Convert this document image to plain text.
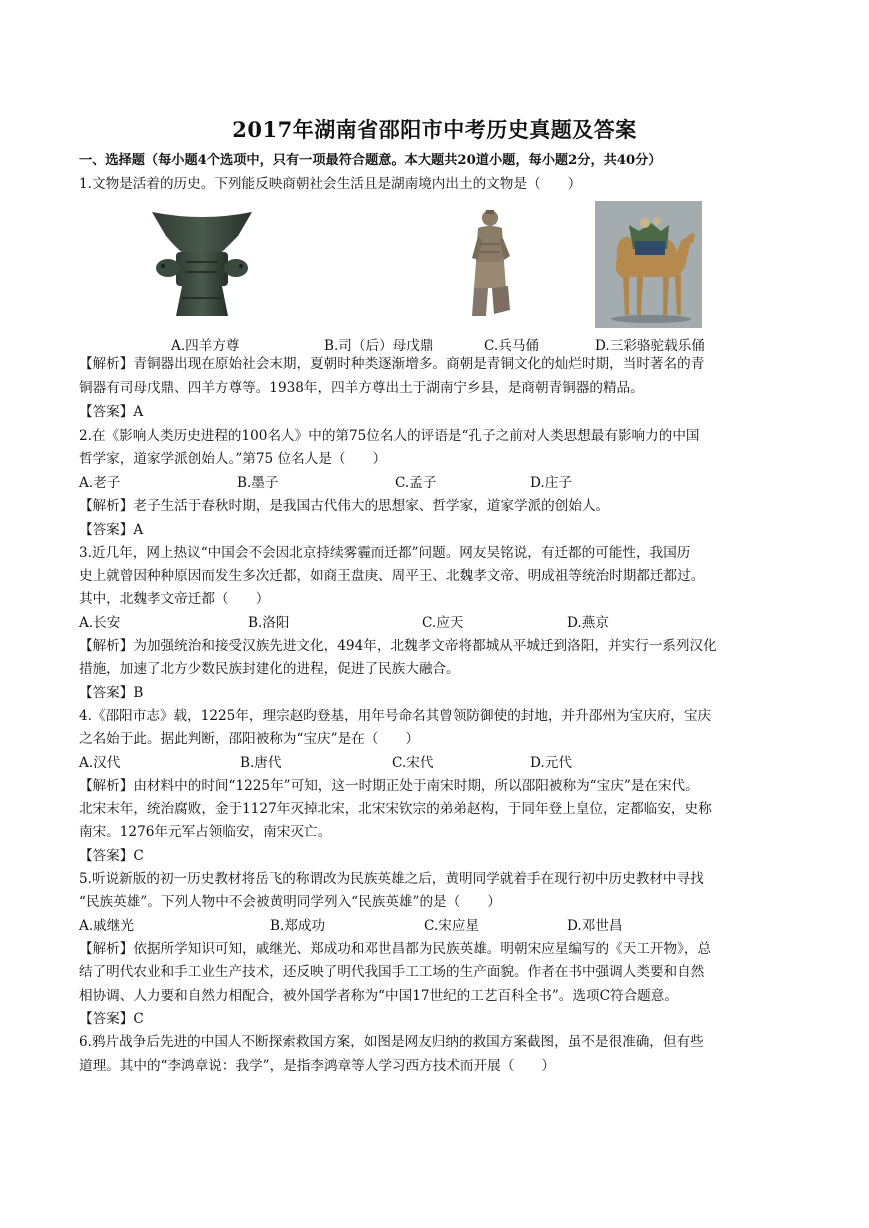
2017年湖南省邵阳市中考历史真题及答案
一、选择题（每小题4个选项中，只有一项最符合题意。本大题共20道小题，每小题2分，共40分）
1.文物是活着的历史。下列能反映商朝社会生活且是湖南境内出土的文物是（　　）
A.四羊方尊	B.司（后）母戊鼎	C.兵马俑	D.三彩骆驼载乐俑
【解析】青铜器出现在原始社会末期，夏朝时种类逐渐增多。商朝是青铜文化的灿烂时期，当时著名的青
铜器有司母戊鼎、四羊方尊等。1938年，四羊方尊出土于湖南宁乡县，是商朝青铜器的精品。
【答案】A
2.在《影响人类历史进程的100名人》中的第75位名人的评语是“孔子之前对人类思想最有影响力的中国
哲学家，道家学派创始人。”第75 位名人是（　　）
A.老子	B.墨子	C.孟子	D.庄子
【解析】老子生活于春秋时期，是我国古代伟大的思想家、哲学家，道家学派的创始人。
【答案】A
3.近几年，网上热议“中国会不会因北京持续雾霾而迁都”问题。网友吴铭说，有迁都的可能性，我国历
史上就曾因种种原因而发生多次迁都，如商王盘庚、周平王、北魏孝文帝、明成祖等统治时期都迁都过。
其中，北魏孝文帝迁都（　　）
A.长安	B.洛阳	C.应天	D.燕京
【解析】为加强统治和接受汉族先进文化，494年，北魏孝文帝将都城从平城迁到洛阳，并实行一系列汉化
措施，加速了北方少数民族封建化的进程，促进了民族大融合。
【答案】B
4.《邵阳市志》载，1225年，理宗赵昀登基，用年号命名其曾领防御使的封地，并升邵州为宝庆府，宝庆
之名始于此。据此判断，邵阳被称为“宝庆”是在（　　）
A.汉代	B.唐代	C.宋代	D.元代
【解析】由材料中的时间“1225年”可知，这一时期正处于南宋时期，所以邵阳被称为“宝庆”是在宋代。
北宋末年，统治腐败，金于1127年灭掉北宋，北宋宋钦宗的弟弟赵构，于同年登上皇位，定都临安，史称
南宋。1276年元军占领临安，南宋灭亡。
【答案】C
5.听说新版的初一历史教材将岳飞的称谓改为民族英雄之后，黄明同学就着手在现行初中历史教材中寻找
“民族英雄”。下列人物中不会被黄明同学列入“民族英雄”的是（　　）
A.戚继光	B.郑成功	C.宋应星	D.邓世昌
【解析】依据所学知识可知，戚继光、郑成功和邓世昌都为民族英雄。明朝宋应星编写的《天工开物》，总
结了明代农业和手工业生产技术，还反映了明代我国手工工场的生产面貌。作者在书中强调人类要和自然
相协调、人力要和自然力相配合，被外国学者称为“中国17世纪的工艺百科全书”。选项C符合题意。
【答案】C
6.鸦片战争后先进的中国人不断探索救国方案，如图是网友归纳的救国方案截图，虽不是很准确，但有些
道理。其中的“李鸿章说：我学”，是指李鸿章等人学习西方技术而开展（　　）
